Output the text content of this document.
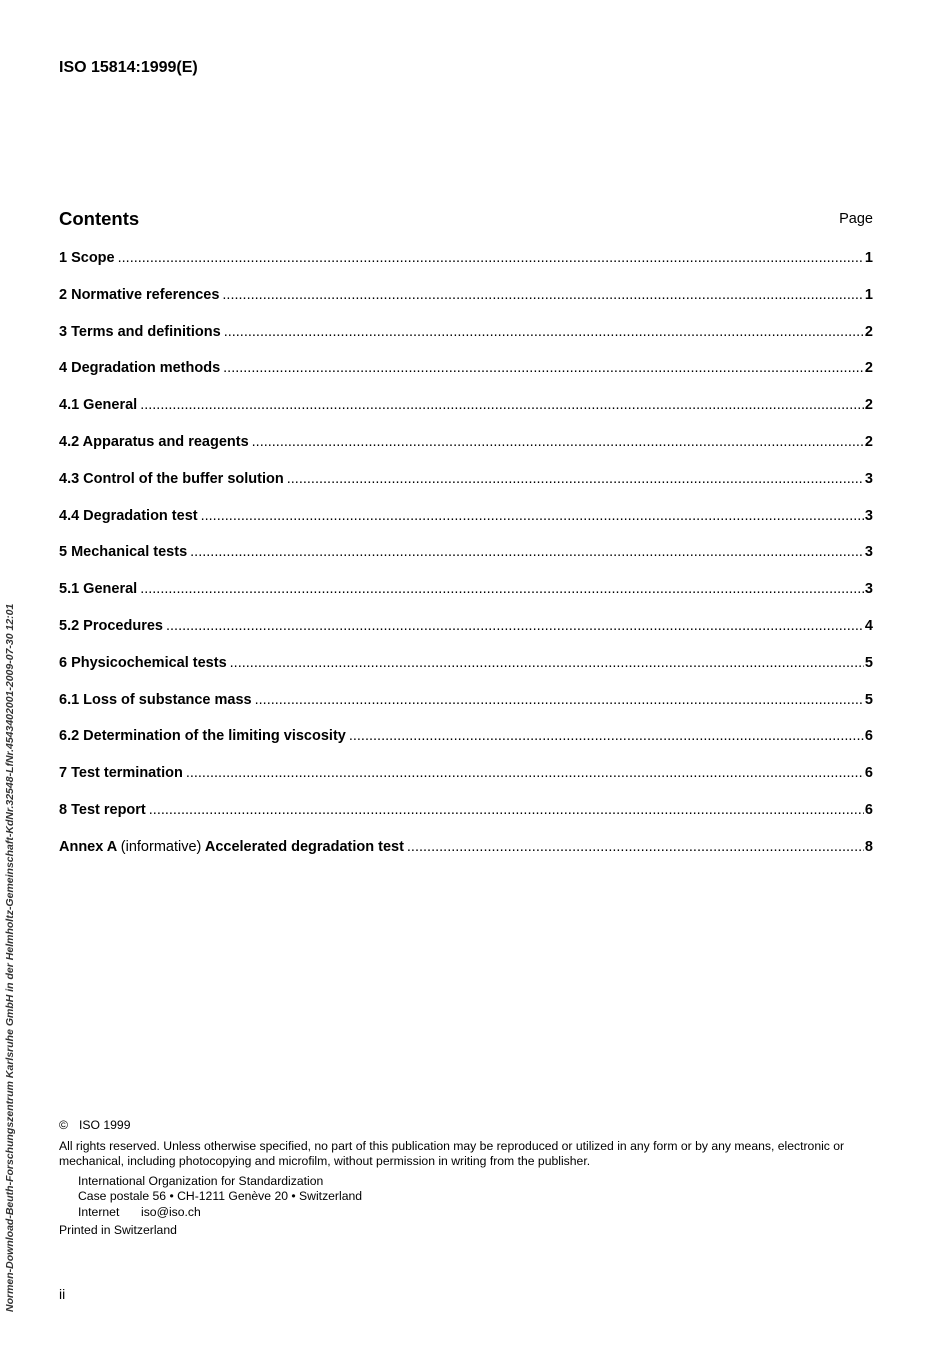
ISO 15814:1999(E)
Contents	Page
1 Scope .....	1
2 Normative references .....	1
3 Terms and definitions .....	2
4 Degradation methods .....	2
4.1 General .....	2
4.2 Apparatus and reagents .....	2
4.3 Control of the buffer solution .....	3
4.4 Degradation test .....	3
5 Mechanical tests .....	3
5.1 General .....	3
5.2 Procedures .....	4
6 Physicochemical tests .....	5
6.1 Loss of substance mass .....	5
6.2 Determination of the limiting viscosity .....	6
7 Test termination .....	6
8 Test report .....	6
Annex A (informative) Accelerated degradation test .....	8
Normen-Download-Beuth-Forschungszentrum Karlsruhe GmbH in der Helmholtz-Gemeinschaft-KdNr.32548-LfNr.4543402001-2009-07-30 12:01	© ISO 1999

All rights reserved. Unless otherwise specified, no part of this publication may be reproduced or utilized in any form or by any means, electronic or mechanical, including photocopying and microfilm, without permission in writing from the publisher.

International Organization for Standardization

Case postale 56 • CH-1211 Genève 20 • Switzerland

Internet iso@iso.ch

Printed in Switzerland

ii
